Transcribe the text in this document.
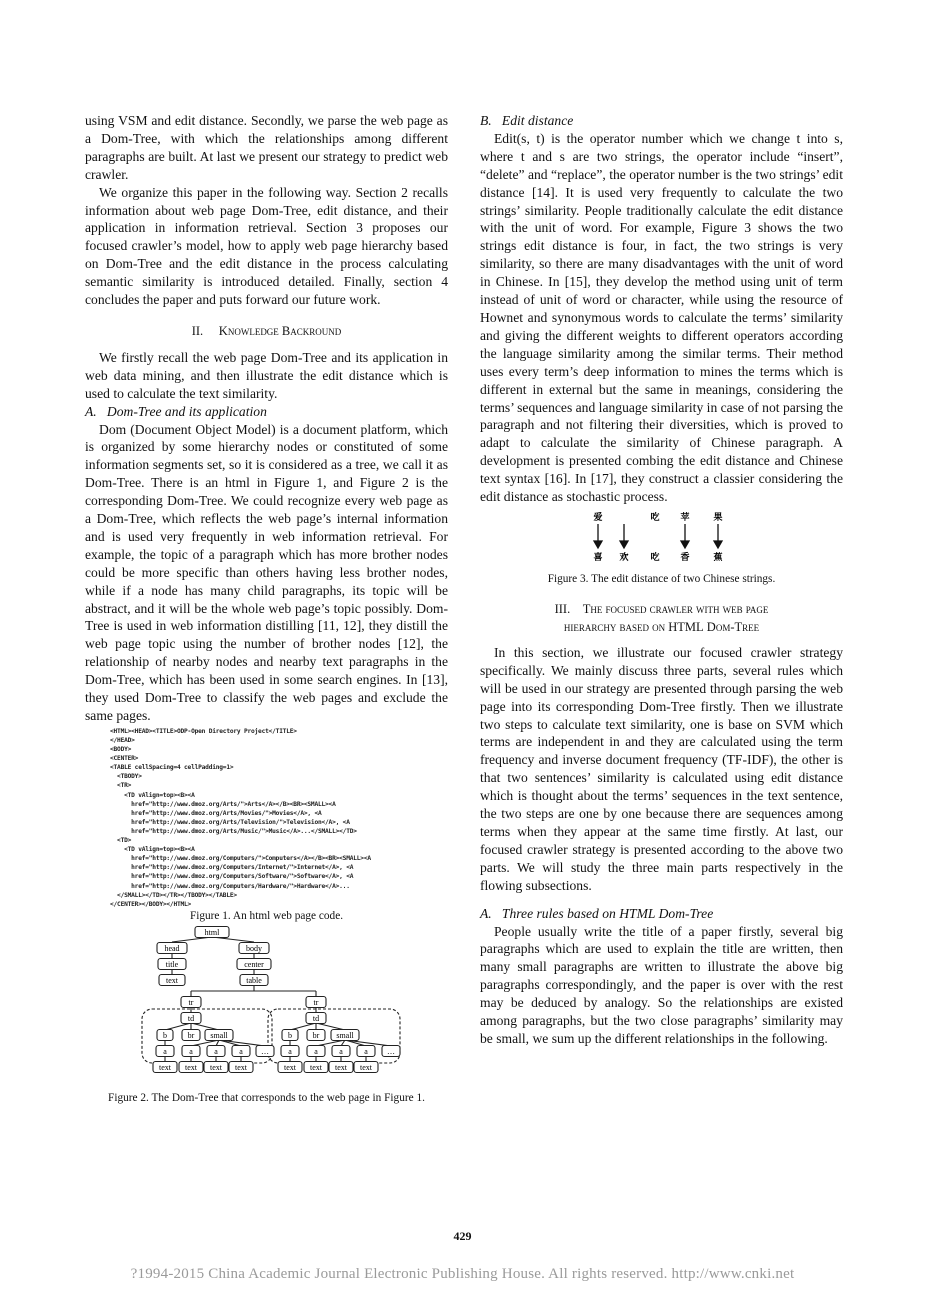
using VSM and edit distance. Secondly, we parse the web page as a Dom-Tree, with which the relationships among different paragraphs are built. At last we present our strategy to predict web crawler.

We organize this paper in the following way. Section 2 recalls information about web page Dom-Tree, edit distance, and their application in information retrieval. Section 3 proposes our focused crawler’s model, how to apply web page hierarchy based on Dom-Tree and the edit distance in the process calculating semantic similarity is introduced detailed. Finally, section 4 concludes the paper and puts forward our future work.

II. Knowledge Backround

We firstly recall the web page Dom-Tree and its application in web data mining, and then illustrate the edit distance which is used to calculate the text similarity.

A. Dom-Tree and its application

Dom (Document Object Model) is a document platform, which is organized by some hierarchy nodes or constituted of some information segments set, so it is considered as a tree, we call it as Dom-Tree. There is an html in Figure 1, and Figure 2 is the corresponding Dom-Tree. We could recognize every web page as a Dom-Tree, which reflects the web page’s internal information and is used very frequently in web information retrieval. For example, the topic of a paragraph which has more brother nodes could be more specific than others having less brother nodes, while if a node has many child paragraphs, its topic will be abstract, and it will be the whole web page’s topic possibly. Dom-Tree is used in web information distilling [11, 12], they distill the web page topic using the number of brother nodes [12], the relationship of nearby nodes and nearby text paragraphs in the Dom-Tree, which has been used in some search engines. In [13], they used Dom-Tree to classify the web pages and exclude the same pages.

<HTML><HEAD><TITLE>ODP-Open Directory Project</TITLE>
</HEAD>
<BODY>
<CENTER>
<TABLE cellSpacing=4 cellPadding=1>
<TBODY>
<TR>
<TD vAlign=top><B><A
href="http://www.dmoz.org/Arts/">Arts</A></B><BR><SMALL><A
href="http://www.dmoz.org/Arts/Movies/">Movies</A>, <A
href="http://www.dmoz.org/Arts/Television/">Television</A>, <A
href="http://www.dmoz.org/Arts/Music/">Music</A>...</SMALL></TD>
<TD>
<TD vAlign=top><B><A
href="http://www.dmoz.org/Computers/">Computers</A></B><BR><SMALL><A
href="http://www.dmoz.org/Computers/Internet/">Internet</A>, <A
href="http://www.dmoz.org/Computers/Software/">Software</A>, <A
href="http://www.dmoz.org/Computers/Hardware/">Hardware</A>...
</SMALL></TD></TR></TBODY></TABLE>
</CENTER></BODY></HTML>

Figure 1. An html web page code.

html
head	body
title	center
text	table
tr	tr
td	td
b	br small	b	br small
a	a	a	a … a	a	a	a …
text text text text	text text text text

Figure 2. The Dom-Tree that corresponds to the web page in Figure 1.

B. Edit distance

Edit(s, t) is the operator number which we change t into s, where t and s are two strings, the operator include “insert”, “delete” and “replace”, the operator number is the two strings’ edit distance [14]. It is used very frequently to calculate the two strings’ similarity. People traditionally calculate the edit distance with the unit of word. For example, Figure 3 shows the two strings edit distance is four, in fact, the two strings is very similarity, so there are many disadvantages with the unit of word in Chinese. In [15], they develop the method using unit of term instead of unit of word or character, while using the resource of Hownet and synonymous words to calculate the terms’ similarity and giving the different weights to different operators according the language similarity among the similar terms. Their method uses every term’s deep information to mines the terms which is different in external but the same in meanings, considering the terms’ sequences and language similarity in case of not parsing the paragraph and not filtering their diversities, which is proved to adapt to calculate the similarity of Chinese paragraph. A development is presented combing the edit distance and Chinese text syntax [16]. In [17], they construct a classier considering the edit distance as stochastic process.

爱	吃 苹	果
喜 欢 吃 香	蕉

Figure 3. The edit distance of two Chinese strings.

III. The focused crawler with web page
hierarchy based on HTML Dom-Tree

In this section, we illustrate our focused crawler strategy specifically. We mainly discuss three parts, several rules which will be used in our strategy are presented through parsing the web page into its corresponding Dom-Tree firstly. Then we illustrate two steps to calculate text similarity, one is base on SVM which terms are independent in and they are calculated using the term frequency and inverse document frequency (TF-IDF), the other is that two sentences’ similarity is calculated using edit distance which is thought about the terms’ sequences in the text sentence, the two steps are one by one because there are sequences among terms when they appear at the same time firstly. At last, our focused crawler strategy is presented according to the above two parts. We will study the three main parts respectively in the flowing subsections.

A. Three rules based on HTML Dom-Tree

People usually write the title of a paper firstly, several big paragraphs which are used to explain the title are written, then many small paragraphs are written to illustrate the above big paragraphs correspondingly, and the paper is over with the rest may be deduced by analogy. So the relationships are existed among paragraphs, but the two close paragraphs’ similarity may be small, we sum up the different relationships in the following.

429
?1994-2015 China Academic Journal Electronic Publishing House. All rights reserved. http://www.cnki.net
